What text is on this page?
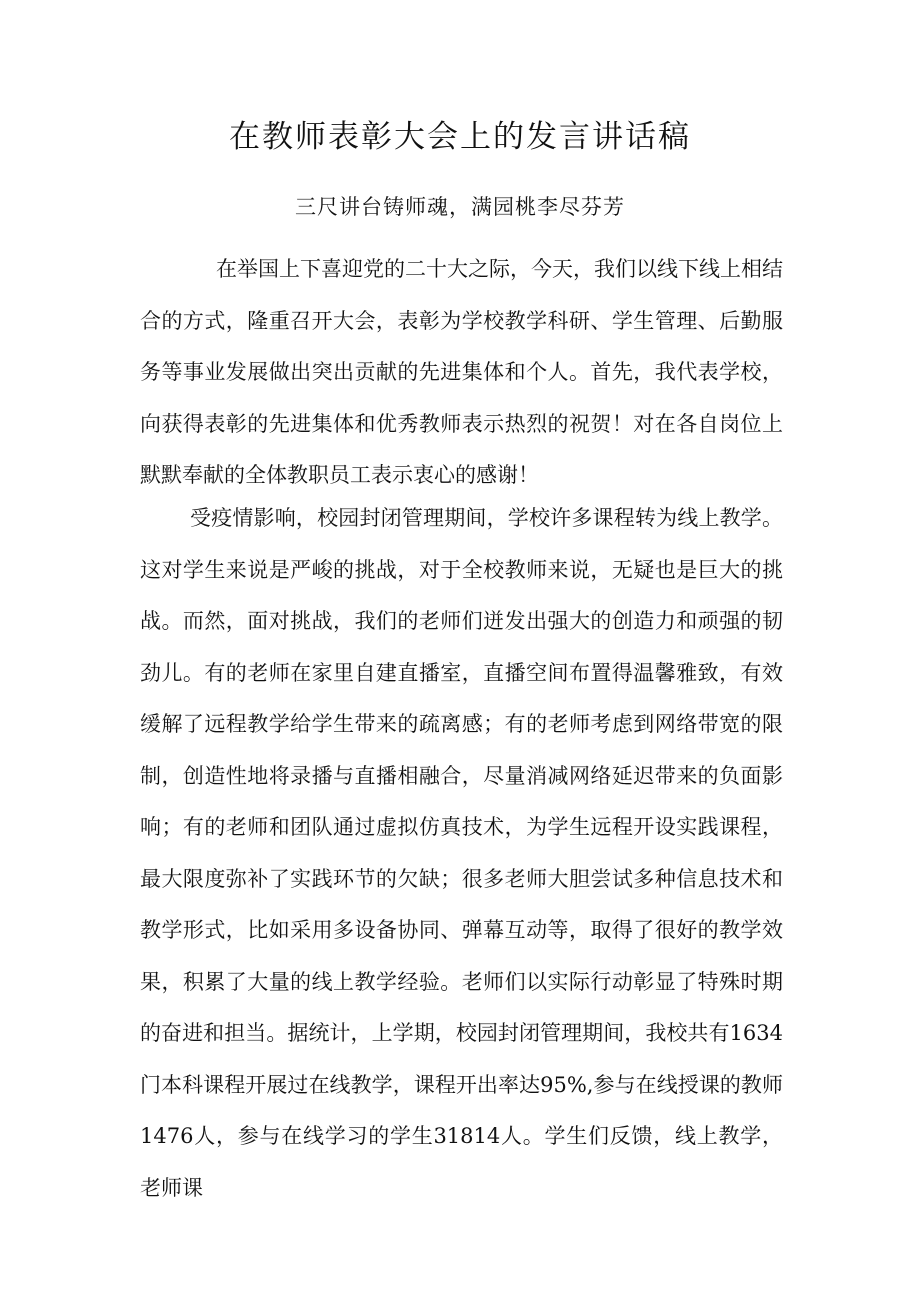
在教师表彰大会上的发言讲话稿

三尺讲台铸师魂，满园桃李尽芬芳

在举国上下喜迎党的二十大之际，今天，我们以线下线上相结合的方式，隆重召开大会，表彰为学校教学科研、学生管理、后勤服务等事业发展做出突出贡献的先进集体和个人。首先，我代表学校，向获得表彰的先进集体和优秀教师表示热烈的祝贺！对在各自岗位上默默奉献的全体教职员工表示衷心的感谢！

受疫情影响，校园封闭管理期间，学校许多课程转为线上教学。这对学生来说是严峻的挑战，对于全校教师来说，无疑也是巨大的挑战。而然，面对挑战，我们的老师们迸发出强大的创造力和顽强的韧劲儿。有的老师在家里自建直播室，直播空间布置得温馨雅致，有效缓解了远程教学给学生带来的疏离感；有的老师考虑到网络带宽的限制，创造性地将录播与直播相融合，尽量消减网络延迟带来的负面影响；有的老师和团队通过虚拟仿真技术，为学生远程开设实践课程，最大限度弥补了实践环节的欠缺；很多老师大胆尝试多种信息技术和教学形式，比如采用多设备协同、弹幕互动等，取得了很好的教学效果，积累了大量的线上教学经验。老师们以实际行动彰显了特殊时期的奋进和担当。据统计，上学期，校园封闭管理期间，我校共有1634门本科课程开展过在线教学，课程开出率达95%,参与在线授课的教师1476人，参与在线学习的学生31814人。学生们反馈，线上教学，老师课
